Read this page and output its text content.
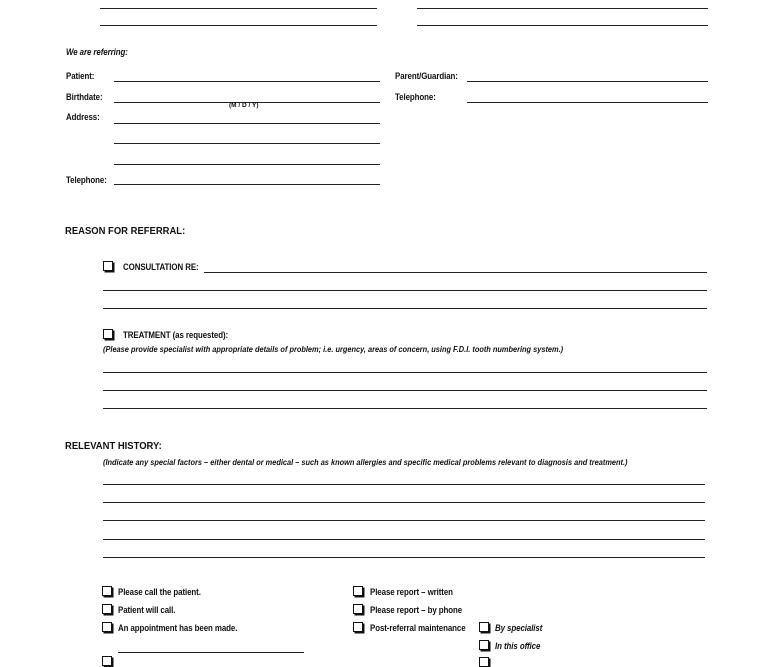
We are referring:
Patient:	Parent/Guardian:
Birthdate:
(M / D / Y)
Telephone:
Address:
Telephone:
REASON FOR REFERRAL:
CONSULTATION RE:
TREATMENT (as requested):
(Please provide specialist with appropriate details of problem; i.e. urgency, areas of concern, using F.D.I. tooth numbering system.)
RELEVANT HISTORY:
(Indicate any special factors – either dental or medical – such as known allergies and specific medical problems relevant to diagnosis and treatment.)
Please call the patient.
Patient will call.
An appointment has been made.
Please report – written
Please report – by phone
Post-referral maintenance	By specialist
In this office
